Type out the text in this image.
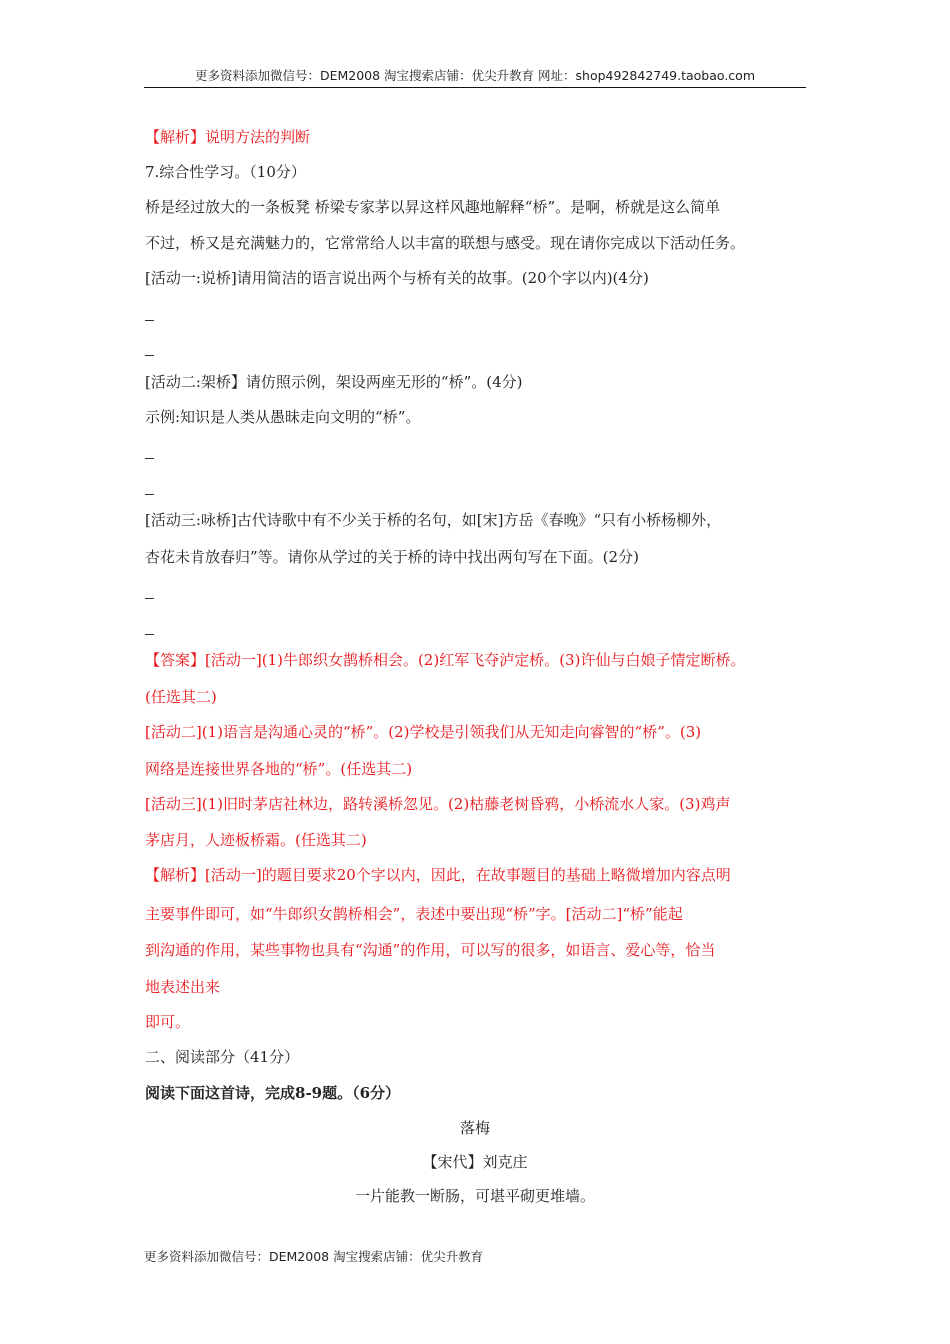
更多资料添加微信号：DEM2008 淘宝搜索店铺：优尖升教育 网址：shop492842749.taobao.com
【解析】说明方法的判断
7.综合性学习。（10分）
桥是经过放大的一条板凳 桥梁专家茅以昇这样风趣地解释“桥”。是啊，桥就是这么简单
不过，桥又是充满魅力的，它常常给人以丰富的联想与感受。现在请你完成以下活动任务。
[活动一:说桥]请用简洁的语言说出两个与桥有关的故事。(20个字以内)(4分)
[活动二:架桥】请仿照示例，架设两座无形的“桥”。(4分)
示例:知识是人类从愚昧走向文明的“桥”。
[活动三:咏桥]古代诗歌中有不少关于桥的名句，如[宋]方岳《春晚》“只有小桥杨柳外，
杏花未肯放春归”等。请你从学过的关于桥的诗中找出两句写在下面。(2分)
【答案】[活动一](1)牛郎织女鹊桥相会。(2)红军飞夺泸定桥。(3)许仙与白娘子情定断桥。
(任选其二)
[活动二](1)语言是沟通心灵的“桥”。(2)学校是引领我们从无知走向睿智的“桥”。(3)
网络是连接世界各地的“桥”。(任选其二)
[活动三](1)旧时茅店社林边，路转溪桥忽见。(2)枯藤老树昏鸦，小桥流水人家。(3)鸡声
茅店月，人迹板桥霜。(任选其二)
【解析】[活动一]的题目要求20个字以内，因此，在故事题目的基础上略微增加内容点明
主要事件即可，如“牛郎织女鹊桥相会”，表述中要出现“桥”字。[活动二]“桥”能起
到沟通的作用，某些事物也具有“沟通”的作用，可以写的很多，如语言、爱心等，恰当
地表述出来
即可。
二、阅读部分（41分）
阅读下面这首诗，完成8-9题。（6分）
落梅
【宋代】刘克庄
一片能教一断肠，可堪平砌更堆墙。
更多资料添加微信号：DEM2008 淘宝搜索店铺：优尖升教育
